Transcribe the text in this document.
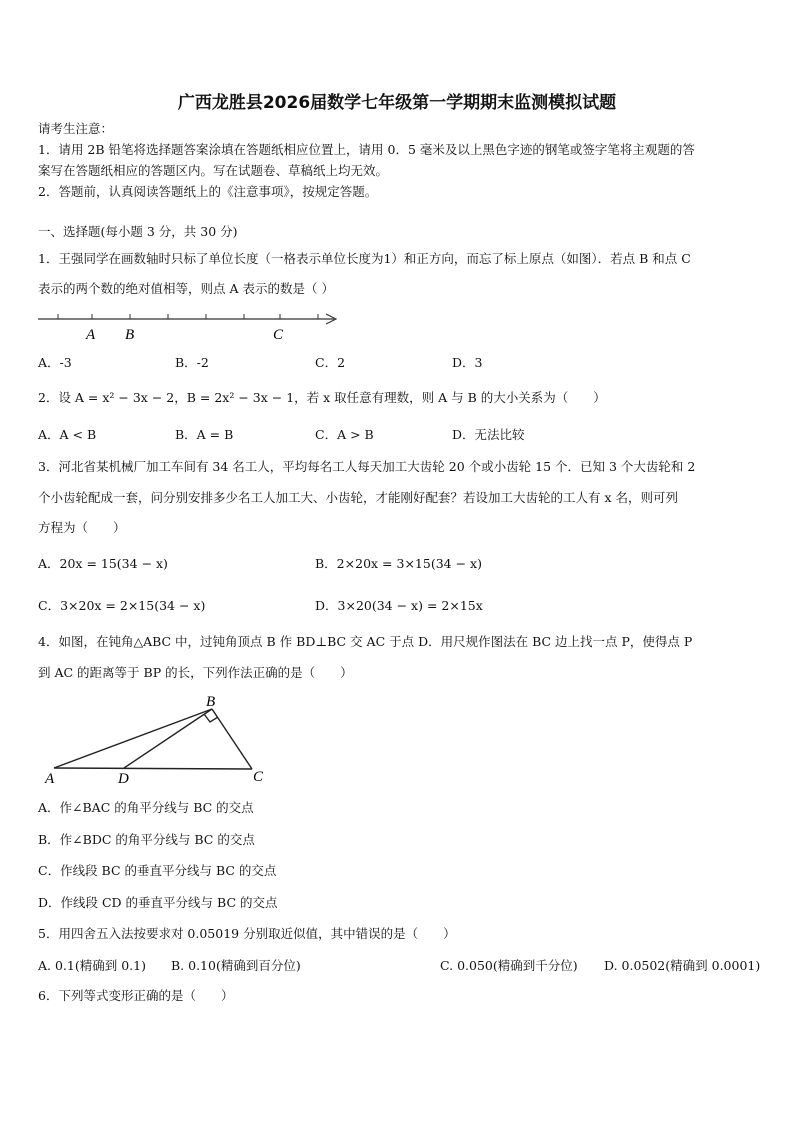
广西龙胜县2026届数学七年级第一学期期末监测模拟试题
请考生注意：
1．请用 2B 铅笔将选择题答案涂填在答题纸相应位置上，请用 0．5 毫米及以上黑色字迹的钢笔或签字笔将主观题的答
案写在答题纸相应的答题区内。写在试题卷、草稿纸上均无效。
2．答题前，认真阅读答题纸上的《注意事项》，按规定答题。
一、选择题(每小题 3 分，共 30 分)
1．王强同学在画数轴时只标了单位长度（一格表示单位长度为1）和正方向，而忘了标上原点（如图）．若点 B 和点 C
表示的两个数的绝对值相等，则点 A 表示的数是（ ）
A B	C
A．-3	B．-2	C．2	D．3
2．设 A = x² − 3x − 2，B = 2x² − 3x − 1，若 x 取任意有理数，则 A 与 B 的大小关系为（　　）
A．A < B	B．A = B	C．A > B	D．无法比较
3．河北省某机械厂加工车间有 34 名工人，平均每名工人每天加工大齿轮 20 个或小齿轮 15 个．已知 3 个大齿轮和 2
个小齿轮配成一套，问分别安排多少名工人加工大、小齿轮，才能刚好配套？若设加工大齿轮的工人有 x 名，则可列
方程为（　　）
A．20x = 15(34 − x)	B．2×20x = 3×15(34 − x)
C．3×20x = 2×15(34 − x)	D．3×20(34 − x) = 2×15x
4．如图，在钝角△ABC 中，过钝角顶点 B 作 BD⊥BC 交 AC 于点 D．用尺规作图法在 BC 边上找一点 P，使得点 P
到 AC 的距离等于 BP 的长，下列作法正确的是（　　）
B
A	D	C
A．作∠BAC 的角平分线与 BC 的交点
B．作∠BDC 的角平分线与 BC 的交点
C．作线段 BC 的垂直平分线与 BC 的交点
D．作线段 CD 的垂直平分线与 BC 的交点
5．用四舍五入法按要求对 0.05019 分别取近似值，其中错误的是（　　）
A. 0.1(精确到 0.1) B. 0.10(精确到百分位)	C. 0.050(精确到千分位) D. 0.0502(精确到 0.0001)
6．下列等式变形正确的是（　　）
